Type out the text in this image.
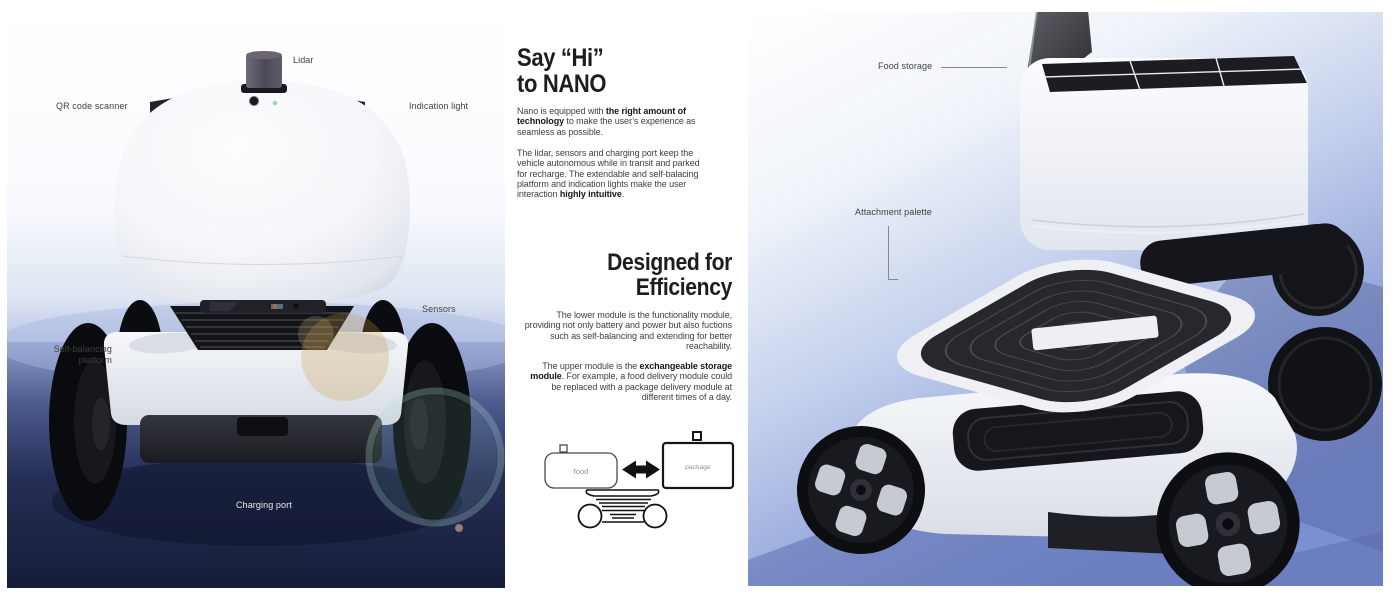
Lidar
QR code scanner	Indication light
Sensors
Self-balancing
platform
Charging port
Food storage
Attachment palette
Say “Hi”
to NANO
Nano is equipped with the right amount of technology to make the user’s experience as seamless as possible.
The lidar, sensors and charging port keep the vehicle autonomous while in transit and parked for recharge. The extendable and self-balacing platform and indication lights make the user interaction highly intuitive.
Designed for
Efficiency
The lower module is the functionality module, providing not only battery and power but also fuctions such as self-balancing and extending for better reachability.
The upper module is the exchangeable storage module. For example, a food delivery module could be replaced with a package delivery module at different times of a day.
food	package
